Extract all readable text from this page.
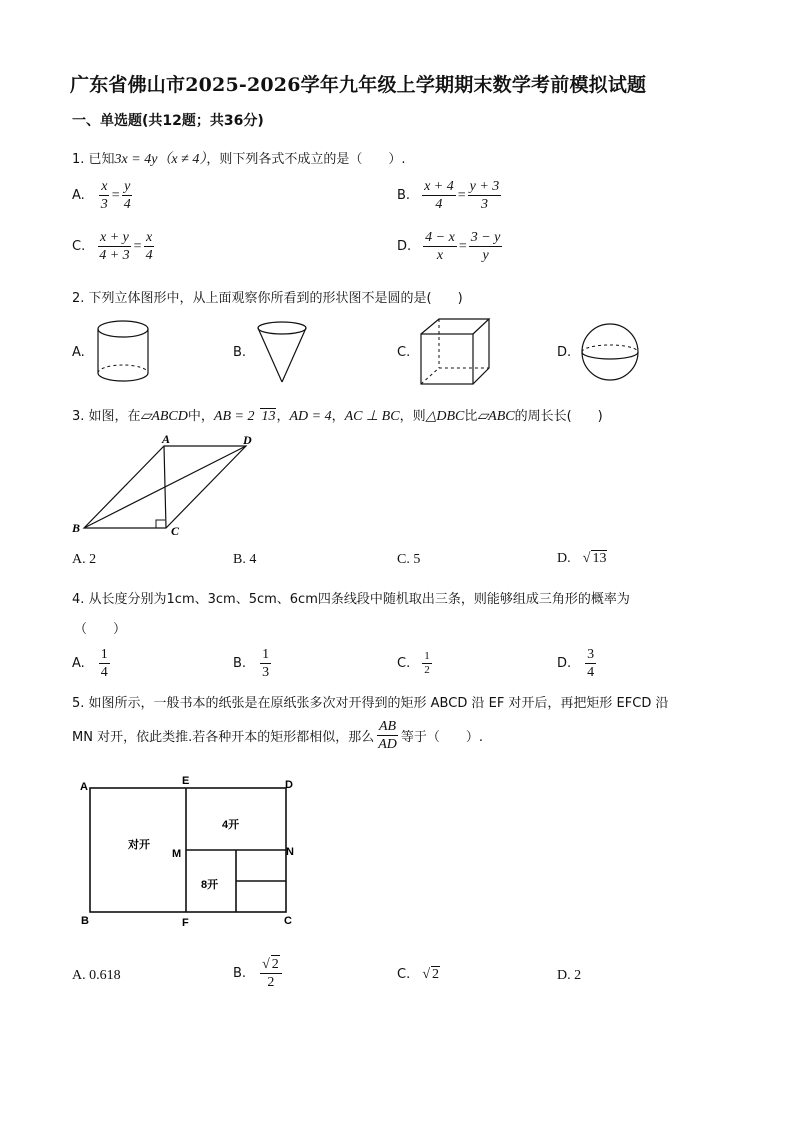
广东省佛山市2025-2026学年九年级上学期期末数学考前模拟试题
一、单选题(共12题；共36分)
1. 已知3x = 4y（x ≠ 4），则下列各式不成立的是（　　）.
A. $\frac{x}{3} = \frac{y}{4}$	B. $\frac{x + 4}{4} = \frac{y + 3}{3}$
C. $\frac{x + y}{4 + 3} = \frac{x}{4}$	D. $\frac{4 - x}{x} = \frac{3 - y}{y}$
2. 下列立体图形中，从上面观察你所看到的形状图不是圆的是(　　)
A.	B.	C.	D.
3. 如图，在▱ABCD中，AB = 2 13，AD = 4，AC ⊥ BC，则△DBC比▱ABC的周长长(　　)
A	D
B	C
A. 2	B. 4	C. 5	D. √ 13
4. 从长度分别为1cm、3cm、5cm、6cm四条线段中随机取出三条，则能够组成三角形的概率为
（　　）
A. $\frac{1}{4}$	B. $\frac{1}{3}$	C. $\frac{1}{2}$	D. $\frac{3}{4}$
5. 如图所示，一般书本的纸张是在原纸张多次对开得到的矩形 ABCD 沿 EF 对开后，再把矩形 EFCD 沿
MN 对开，依此类推.若各种开本的矩形都相似，那么 $\frac{AB}{AD}$ 等于（　　）.
A	E	D
M	N
B	F	C
对开
4开
8开
A. 0.618	B. $\frac{√ 2}{2}$	C. √ 2	D. 2
